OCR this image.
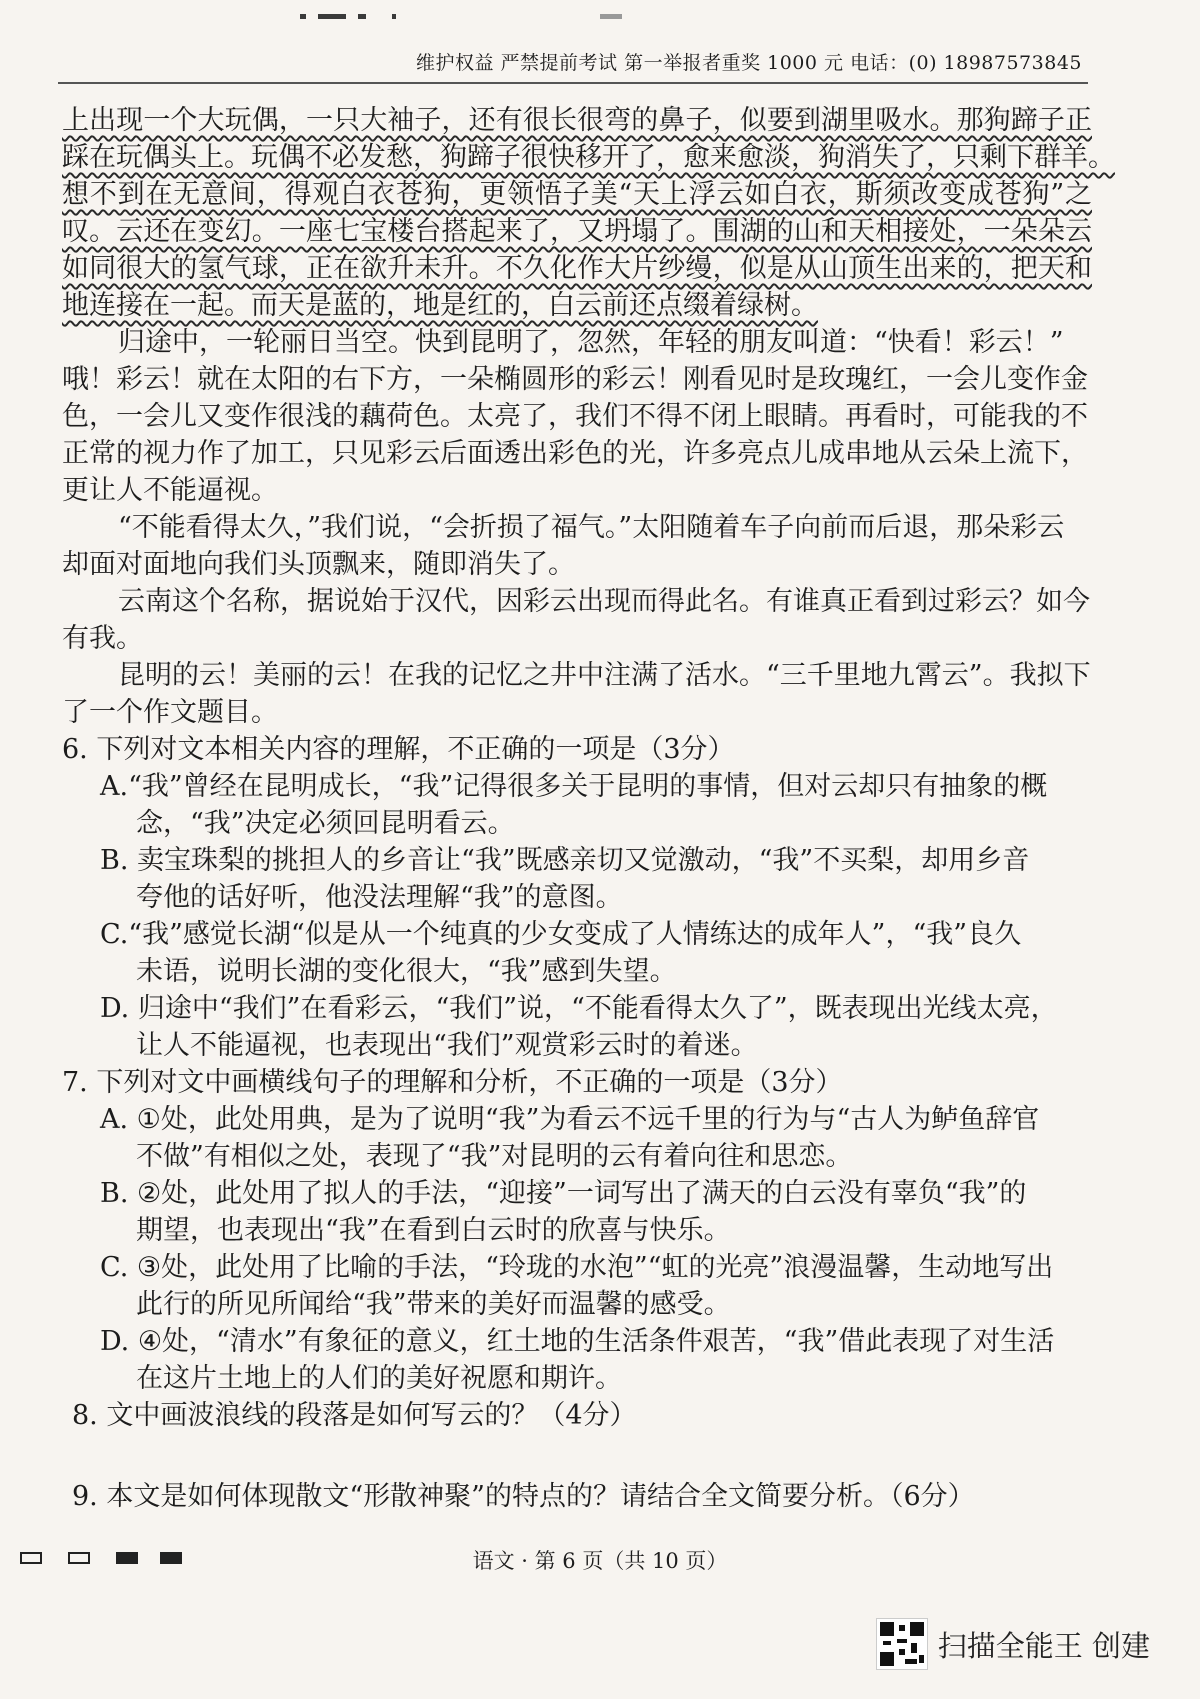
维护权益 严禁提前考试 第一举报者重奖 1000 元 电话：(0) 18987573845
上出现一个大玩偶，一只大袖子，还有很长很弯的鼻子，似要到湖里吸水。那狗蹄子正
踩在玩偶头上。玩偶不必发愁，狗蹄子很快移开了，愈来愈淡，狗消失了，只剩下群羊。
想不到在无意间，得观白衣苍狗，更领悟子美“天上浮云如白衣，斯须改变成苍狗”之
叹。云还在变幻。一座七宝楼台搭起来了，又坍塌了。围湖的山和天相接处，一朵朵云
如同很大的氢气球，正在欲升未升。不久化作大片纱缦，似是从山顶生出来的，把天和
地连接在一起。而天是蓝的，地是红的，白云前还点缀着绿树。
归途中，一轮丽日当空。快到昆明了，忽然，年轻的朋友叫道：“快看！彩云！”
哦！彩云！就在太阳的右下方，一朵椭圆形的彩云！刚看见时是玫瑰红，一会儿变作金
色，一会儿又变作很浅的藕荷色。太亮了，我们不得不闭上眼睛。再看时，可能我的不
正常的视力作了加工，只见彩云后面透出彩色的光，许多亮点儿成串地从云朵上流下，
更让人不能逼视。
“不能看得太久，”我们说，“会折损了福气。”太阳随着车子向前而后退，那朵彩云
却面对面地向我们头顶飘来，随即消失了。
云南这个名称，据说始于汉代，因彩云出现而得此名。有谁真正看到过彩云？如今
有我。
昆明的云！美丽的云！在我的记忆之井中注满了活水。“三千里地九霄云”。我拟下
了一个作文题目。
6. 下列对文本相关内容的理解，不正确的一项是（3分）
A.“我”曾经在昆明成长，“我”记得很多关于昆明的事情，但对云却只有抽象的概
念，“我”决定必须回昆明看云。
B. 卖宝珠梨的挑担人的乡音让“我”既感亲切又觉激动，“我”不买梨，却用乡音
夸他的话好听，他没法理解“我”的意图。
C.“我”感觉长湖“似是从一个纯真的少女变成了人情练达的成年人”，“我”良久
未语，说明长湖的变化很大，“我”感到失望。
D. 归途中“我们”在看彩云，“我们”说，“不能看得太久了”，既表现出光线太亮，
让人不能逼视，也表现出“我们”观赏彩云时的着迷。
7. 下列对文中画横线句子的理解和分析，不正确的一项是（3分）
A. ①处，此处用典，是为了说明“我”为看云不远千里的行为与“古人为鲈鱼辞官
不做”有相似之处，表现了“我”对昆明的云有着向往和思恋。
B. ②处，此处用了拟人的手法，“迎接”一词写出了满天的白云没有辜负“我”的
期望，也表现出“我”在看到白云时的欣喜与快乐。
C. ③处，此处用了比喻的手法，“玲珑的水泡”“虹的光亮”浪漫温馨，生动地写出
此行的所见所闻给“我”带来的美好而温馨的感受。
D. ④处，“清水”有象征的意义，红土地的生活条件艰苦，“我”借此表现了对生活
在这片土地上的人们的美好祝愿和期许。
8. 文中画波浪线的段落是如何写云的？（4分）
9. 本文是如何体现散文“形散神聚”的特点的？请结合全文简要分析。（6分）
语文 · 第 6 页（共 10 页）
扫描全能王 创建
